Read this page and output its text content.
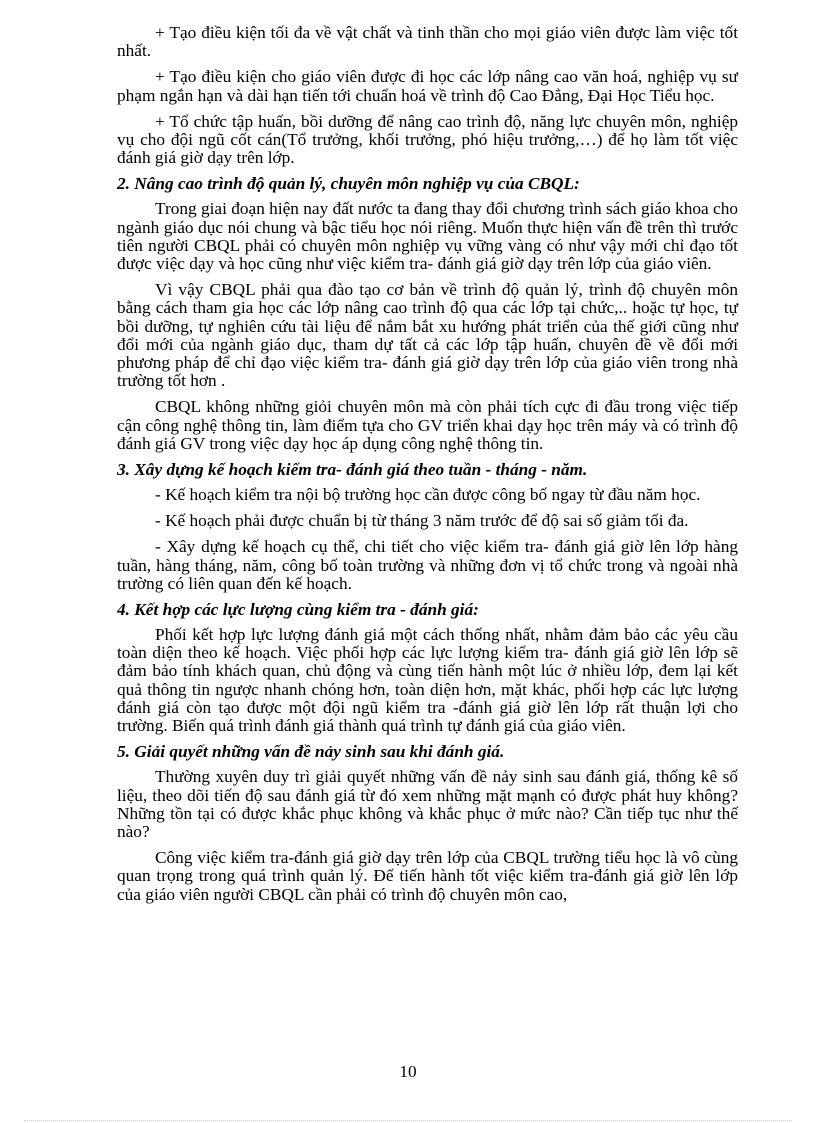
+ Tạo điều kiện tối đa về vật chất và tinh thần cho mọi giáo viên được làm việc tốt nhất.

+ Tạo điều kiện cho giáo viên được đi học các lớp nâng cao văn hoá, nghiệp vụ sư phạm ngắn hạn và dài hạn tiến tới chuẩn hoá về trình độ Cao Đẳng, Đại Học Tiểu học.

+ Tổ chức tập huấn, bồi dưỡng để nâng cao trình độ, năng lực chuyên môn, nghiệp vụ cho đội ngũ cốt cán(Tổ trưởng, khối trưởng, phó hiệu trưởng,…) để họ làm tốt việc đánh giá giờ dạy trên lớp.

2. Nâng cao trình độ quản lý, chuyên môn nghiệp vụ của CBQL:

Trong giai đoạn hiện nay đất nước ta đang thay đổi chương trình sách giáo khoa cho ngành giáo dục nói chung và bậc tiểu học nói riêng. Muốn thực hiện vấn đề trên thì trước tiên người CBQL phải có chuyên môn nghiệp vụ vững vàng có như vậy mới chỉ đạo tốt được việc dạy và học cũng như việc kiểm tra- đánh giá giờ dạy trên lớp của giáo viên.

Vì vậy CBQL phải qua đào tạo cơ bản về trình độ quản lý, trình độ chuyên môn bằng cách tham gia học các lớp nâng cao trình độ qua các lớp tại chức,.. hoặc tự học, tự bồi dưỡng, tự nghiên cứu tài liệu để nắm bắt xu hướng phát triển của thế giới cũng như đổi mới của ngành giáo dục, tham dự tất cả các lớp tập huấn, chuyên đề về đổi mới phương pháp để chỉ đạo việc kiểm tra- đánh giá giờ dạy trên lớp của giáo viên trong nhà trường tốt hơn .

CBQL không những giỏi chuyên môn mà còn phải tích cực đi đầu trong việc tiếp cận công nghệ thông tin, làm điểm tựa cho GV triển khai dạy học trên máy và có trình độ đánh giá GV trong việc dạy học áp dụng công nghệ thông tin.

3. Xây dựng kế hoạch kiểm tra- đánh giá theo tuần - tháng - năm.

- Kế hoạch kiểm tra nội bộ trường học cần được công bố ngay từ đầu năm học.

- Kế hoạch phải được chuẩn bị từ tháng 3 năm trước để độ sai số giảm tối đa.

- Xây dựng kế hoạch cụ thể, chi tiết cho việc kiểm tra- đánh giá giờ lên lớp hàng tuần, hàng tháng, năm, công bố toàn trường và những đơn vị tổ chức trong và ngoài nhà trường có liên quan đến kế hoạch.

4. Kết hợp các lực lượng cùng kiểm tra - đánh giá:

Phối kết hợp lực lượng đánh giá một cách thống nhất, nhằm đảm bảo các yêu cầu toàn diện theo kế hoạch. Việc phối hợp các lực lượng kiểm tra- đánh giá giờ lên lớp sẽ đảm bảo tính khách quan, chủ động và cùng tiến hành một lúc ở nhiều lớp, đem lại kết quả thông tin ngược nhanh chóng hơn, toàn diện hơn, mặt khác, phối hợp các lực lượng đánh giá còn tạo được một đội ngũ kiểm tra -đánh giá giờ lên lớp rất thuận lợi cho trường. Biến quá trình đánh giá thành quá trình tự đánh giá của giáo viên.

5. Giải quyết những vấn đề nảy sinh sau khi đánh giá.

Thường xuyên duy trì giải quyết những vấn đề nảy sinh sau đánh giá, thống kê số liệu, theo dõi tiến độ sau đánh giá từ đó xem những mặt mạnh có được phát huy không? Những tồn tại có được khắc phục không và khắc phục ở mức nào? Cần tiếp tục như thế nào?

Công việc kiểm tra-đánh giá giờ dạy trên lớp của CBQL trường tiểu học là vô cùng quan trọng trong quá trình quản lý. Để tiến hành tốt việc kiểm tra-đánh giá giờ lên lớp của giáo viên người CBQL cần phải có trình độ chuyên môn cao,

10
